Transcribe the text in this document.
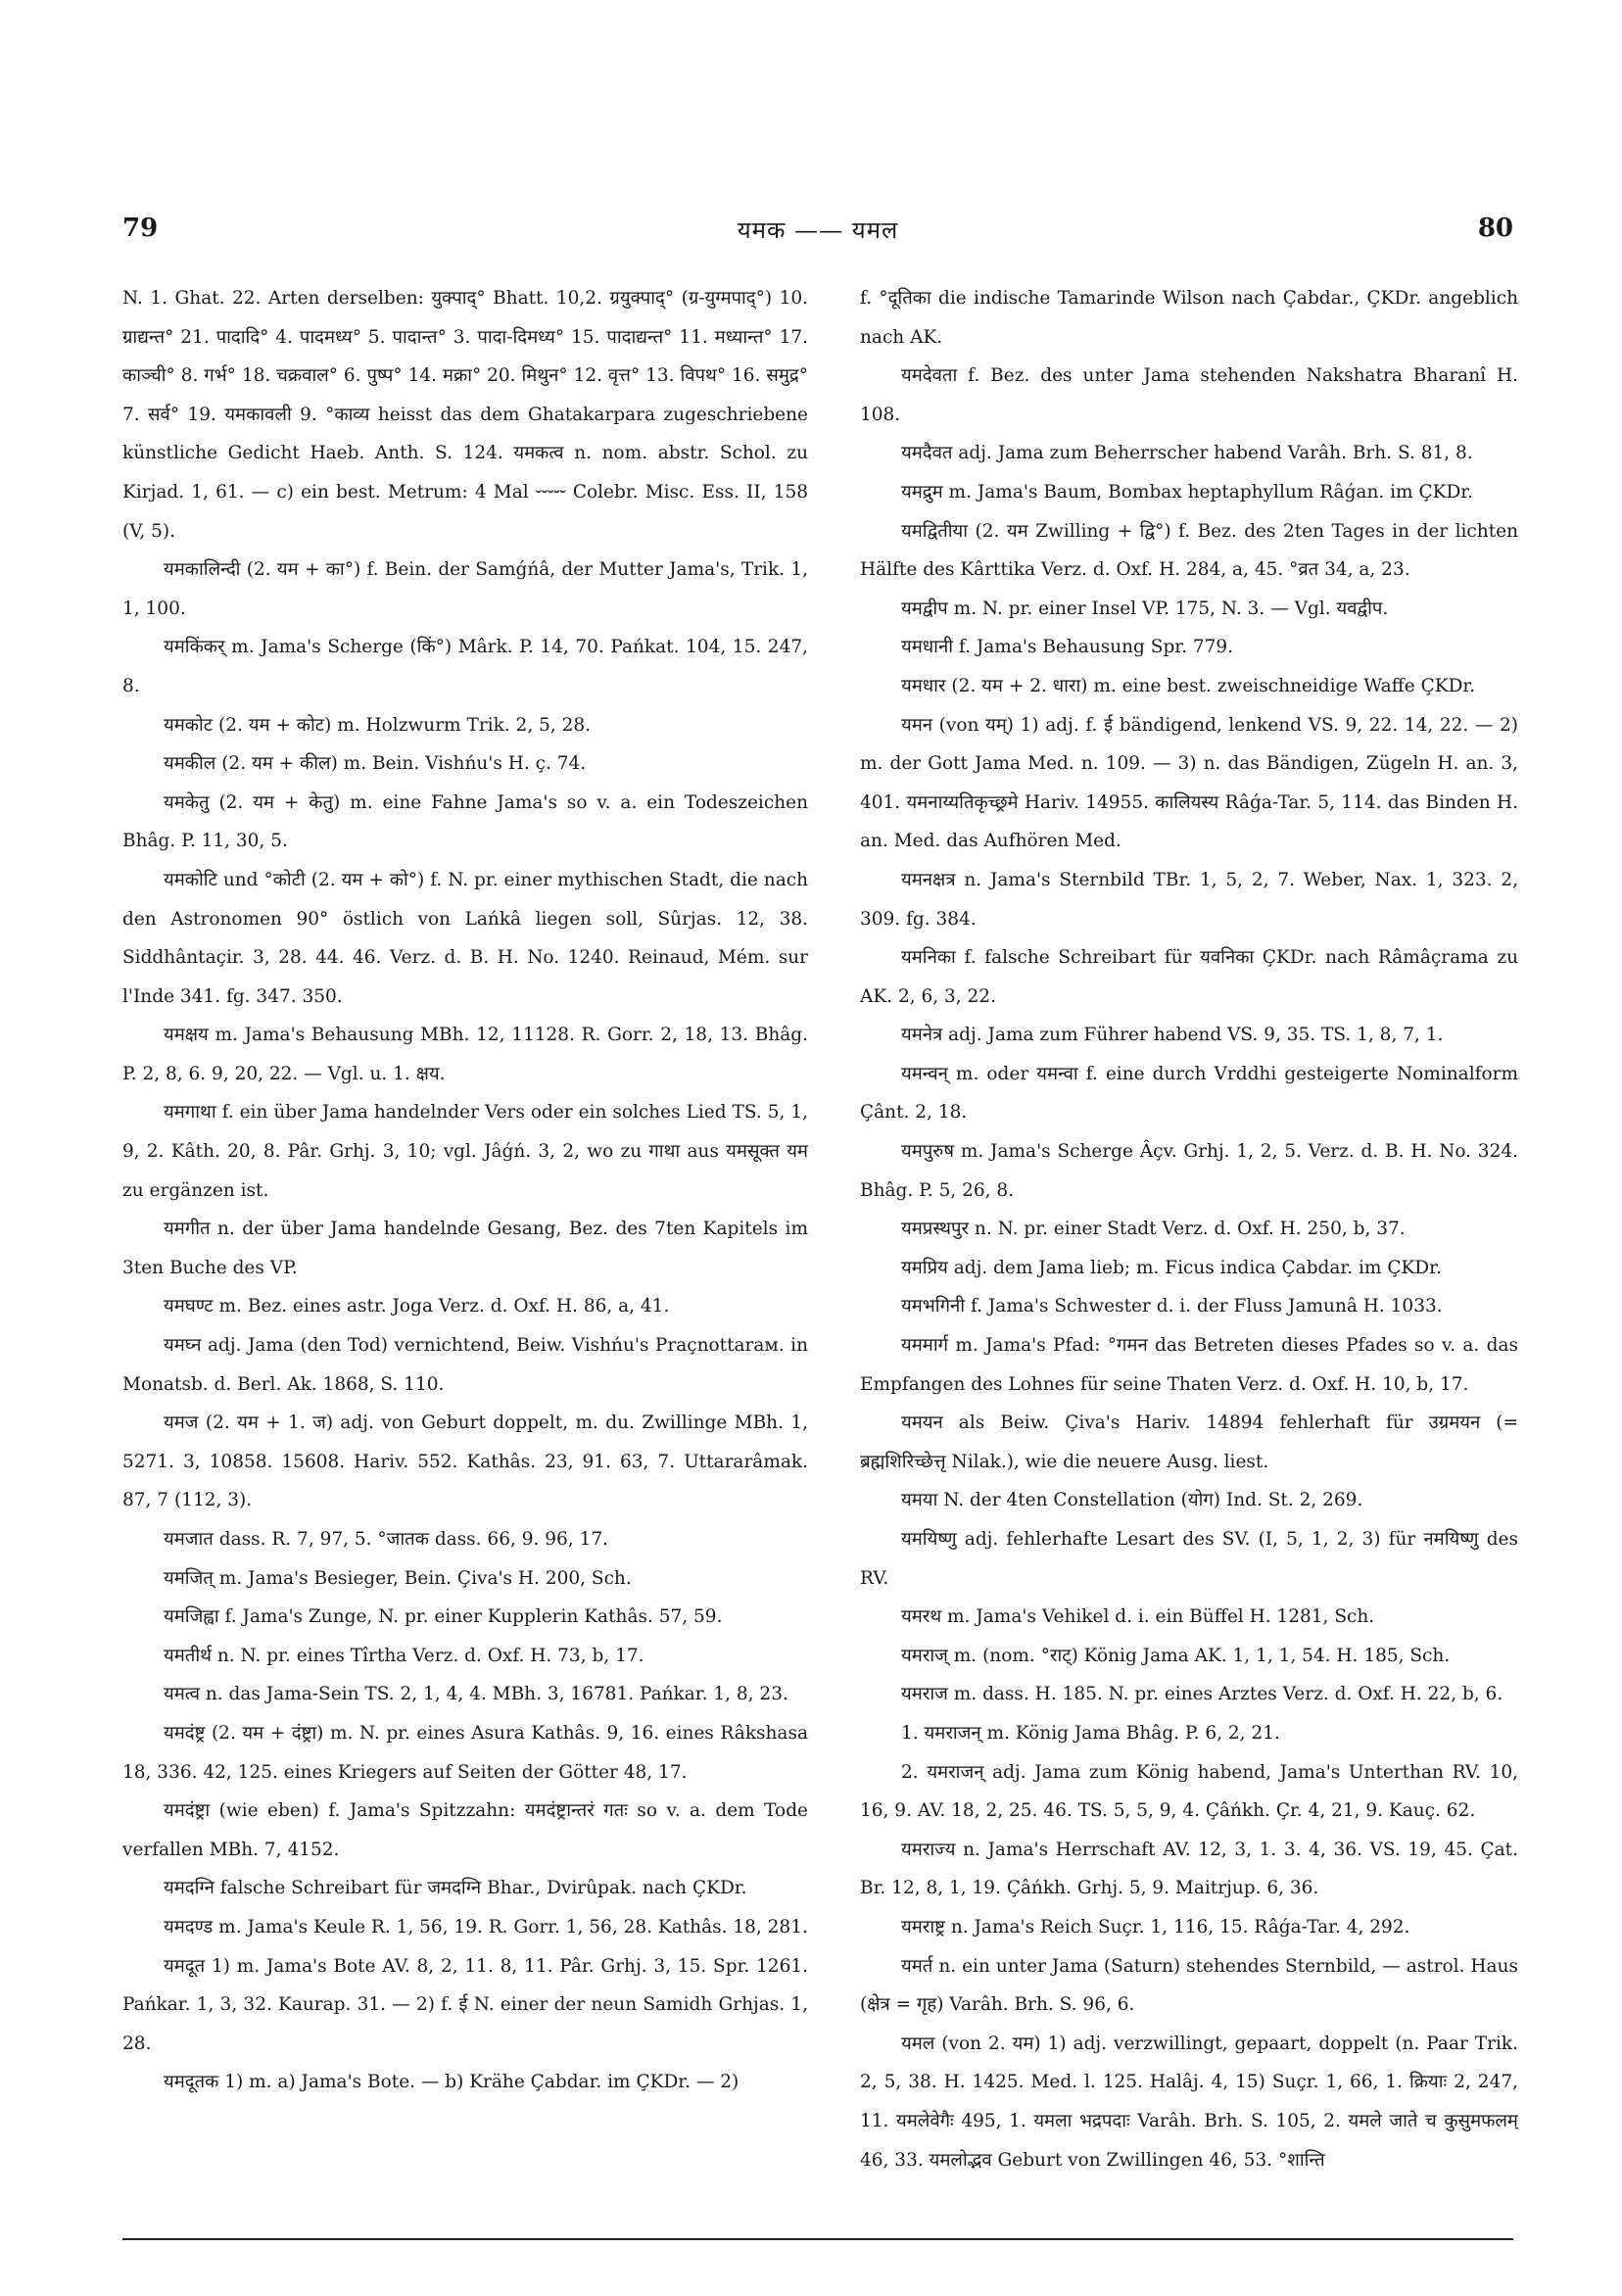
79	यमक —— यमल	80

N. 1. Ghat. 22. Arten derselben: युक्पाद्° Bhatt. 10,2. ग्रयुक्पाद्° (ग्र-युग्मपाद्°) 10. ग्राद्यन्त° 21. पादादि° 4. पादमध्य° 5. पादान्त° 3. पादा-दिमध्य° 15. पादाद्यन्त° 11. मध्यान्त° 17. काञ्ची° 8. गर्भ° 18. चक्रवाल° 6. पुष्प° 14. मक्रा° 20. मिथुन° 12. वृत्त° 13. विपथ° 16. समुद्र° 7. सर्व° 19. यमकावली 9. °काव्य heisst das dem Ghatakarpara zugeschriebene künstliche Gedicht Haeb. Anth. S. 124. यमकत्व n. nom. abstr. Schol. zu Kirjad. 1, 61. — c) ein best. Metrum: 4 Mal ⏑⏑⏑⏑⏑ Colebr. Misc. Ess. II, 158 (V, 5).

यमकालिन्दी (2. यम + का°) f. Bein. der Samǵńâ, der Mutter Jama's, Trik. 1, 1, 100.

यमकिंकर् m. Jama's Scherge (किं°) Mârk. P. 14, 70. Pańkat. 104, 15. 247, 8.

यमकोट (2. यम + कोट) m. Holzwurm Trik. 2, 5, 28.

यमकील (2. यम + कील) m. Bein. Vishńu's H. ç. 74.

यमकेतु (2. यम + केतु) m. eine Fahne Jama's so v. a. ein Todeszeichen Bhâg. P. 11, 30, 5.

यमकोटि und °कोटी (2. यम + को°) f. N. pr. einer mythischen Stadt, die nach den Astronomen 90° östlich von Lańkâ liegen soll, Sûrjas. 12, 38. Siddhântaçir. 3, 28. 44. 46. Verz. d. B. H. No. 1240. Reinaud, Mém. sur l'Inde 341. fg. 347. 350.

यमक्षय m. Jama's Behausung MBh. 12, 11128. R. Gorr. 2, 18, 13. Bhâg. P. 2, 8, 6. 9, 20, 22. — Vgl. u. 1. क्षय.

यमगाथा f. ein über Jama handelnder Vers oder ein solches Lied TS. 5, 1, 9, 2. Kâth. 20, 8. Pâr. Grhj. 3, 10; vgl. Jâǵń. 3, 2, wo zu गाथा aus यमसूक्त यम zu ergänzen ist.

यमगीत n. der über Jama handelnde Gesang, Bez. des 7ten Kapitels im 3ten Buche des VP.

यमघण्ट m. Bez. eines astr. Joga Verz. d. Oxf. H. 86, a, 41.

यमघ्न adj. Jama (den Tod) vernichtend, Beiw. Vishńu's Praçnottaraм. in Monatsb. d. Berl. Ak. 1868, S. 110.

यमज (2. यम + 1. ज) adj. von Geburt doppelt, m. du. Zwillinge MBh. 1, 5271. 3, 10858. 15608. Hariv. 552. Kathâs. 23, 91. 63, 7. Uttararâmak. 87, 7 (112, 3).

यमजात dass. R. 7, 97, 5. °जातक dass. 66, 9. 96, 17.

यमजित् m. Jama's Besieger, Bein. Çiva's H. 200, Sch.

यमजिह्वा f. Jama's Zunge, N. pr. einer Kupplerin Kathâs. 57, 59.

यमतीर्थ n. N. pr. eines Tîrtha Verz. d. Oxf. H. 73, b, 17.

यमत्व n. das Jama-Sein TS. 2, 1, 4, 4. MBh. 3, 16781. Pańkar. 1, 8, 23.

यमदंष्ट्र (2. यम + दंष्ट्रा) m. N. pr. eines Asura Kathâs. 9, 16. eines Râkshasa 18, 336. 42, 125. eines Kriegers auf Seiten der Götter 48, 17.

यमदंष्ट्रा (wie eben) f. Jama's Spitzzahn: यमदंष्ट्रान्तरं गतः so v. a. dem Tode verfallen MBh. 7, 4152.

यमदग्नि falsche Schreibart für जमदग्नि Bhar., Dvirûpak. nach ÇKDr.

यमदण्ड m. Jama's Keule R. 1, 56, 19. R. Gorr. 1, 56, 28. Kathâs. 18, 281.

यमदूत 1) m. Jama's Bote AV. 8, 2, 11. 8, 11. Pâr. Grhj. 3, 15. Spr. 1261. Pańkar. 1, 3, 32. Kaurap. 31. — 2) f. ई N. einer der neun Samidh Grhjas. 1, 28.

यमदूतक 1) m. a) Jama's Bote. — b) Krähe Çabdar. im ÇKDr. — 2)

f. °दूतिका die indische Tamarinde Wilson nach Çabdar., ÇKDr. angeblich nach AK.

यमदेवता f. Bez. des unter Jama stehenden Nakshatra Bharanî H. 108.

यमदैवत adj. Jama zum Beherrscher habend Varâh. Brh. S. 81, 8.

यमद्रुम m. Jama's Baum, Bombax heptaphyllum Râǵan. im ÇKDr.

यमद्वितीया (2. यम Zwilling + द्वि°) f. Bez. des 2ten Tages in der lichten Hälfte des Kârttika Verz. d. Oxf. H. 284, a, 45. °व्रत 34, a, 23.

यमद्वीप m. N. pr. einer Insel VP. 175, N. 3. — Vgl. यवद्वीप.

यमधानी f. Jama's Behausung Spr. 779.

यमधार (2. यम + 2. धारा) m. eine best. zweischneidige Waffe ÇKDr.

यमन (von यम्) 1) adj. f. ई bändigend, lenkend VS. 9, 22. 14, 22. — 2) m. der Gott Jama Med. n. 109. — 3) n. das Bändigen, Zügeln H. an. 3, 401. यमनाय्यतिकृच्छ्रमे Hariv. 14955. कालियस्य Râǵa-Tar. 5, 114. das Binden H. an. Med. das Aufhören Med.

यमनक्षत्र n. Jama's Sternbild TBr. 1, 5, 2, 7. Weber, Nax. 1, 323. 2, 309. fg. 384.

यमनिका f. falsche Schreibart für यवनिका ÇKDr. nach Râmâçrama zu AK. 2, 6, 3, 22.

यमनेत्र adj. Jama zum Führer habend VS. 9, 35. TS. 1, 8, 7, 1.

यमन्वन् m. oder यमन्वा f. eine durch Vrddhi gesteigerte Nominalform Çânt. 2, 18.

यमपुरुष m. Jama's Scherge Âçv. Grhj. 1, 2, 5. Verz. d. B. H. No. 324. Bhâg. P. 5, 26, 8.

यमप्रस्थपुर n. N. pr. einer Stadt Verz. d. Oxf. H. 250, b, 37.

यमप्रिय adj. dem Jama lieb; m. Ficus indica Çabdar. im ÇKDr.

यमभगिनी f. Jama's Schwester d. i. der Fluss Jamunâ H. 1033.

यममार्ग m. Jama's Pfad: °गमन das Betreten dieses Pfades so v. a. das Empfangen des Lohnes für seine Thaten Verz. d. Oxf. H. 10, b, 17.

यमयन als Beiw. Çiva's Hariv. 14894 fehlerhaft für उग्रमयन (= ब्रह्मशिरिच्छेत्तृ Nilak.), wie die neuere Ausg. liest.

यमया N. der 4ten Constellation (योग) Ind. St. 2, 269.

यमयिष्णु adj. fehlerhafte Lesart des SV. (I, 5, 1, 2, 3) für नमयिष्णु des RV.

यमरथ m. Jama's Vehikel d. i. ein Büffel H. 1281, Sch.

यमराज् m. (nom. °राट्) König Jama AK. 1, 1, 1, 54. H. 185, Sch.

यमराज m. dass. H. 185. N. pr. eines Arztes Verz. d. Oxf. H. 22, b, 6.

1. यमराजन् m. König Jama Bhâg. P. 6, 2, 21.

2. यमराजन् adj. Jama zum König habend, Jama's Unterthan RV. 10, 16, 9. AV. 18, 2, 25. 46. TS. 5, 5, 9, 4. Çâńkh. Çr. 4, 21, 9. Kauç. 62.

यमराज्य n. Jama's Herrschaft AV. 12, 3, 1. 3. 4, 36. VS. 19, 45. Çat. Br. 12, 8, 1, 19. Çâńkh. Grhj. 5, 9. Maitrjup. 6, 36.

यमराष्ट्र n. Jama's Reich Suçr. 1, 116, 15. Râǵa-Tar. 4, 292.

यमर्त n. ein unter Jama (Saturn) stehendes Sternbild, — astrol. Haus (क्षेत्र = गृह) Varâh. Brh. S. 96, 6.

यमल (von 2. यम) 1) adj. verzwillingt, gepaart, doppelt (n. Paar Trik. 2, 5, 38. H. 1425. Med. l. 125. Halâj. 4, 15) Suçr. 1, 66, 1. क्रियाः 2, 247, 11. यमलेवेगैः 495, 1. यमला भद्रपदाः Varâh. Brh. S. 105, 2. यमले जाते च कुसुमफलम् 46, 33. यमलोद्भव Geburt von Zwillingen 46, 53. °शान्ति
